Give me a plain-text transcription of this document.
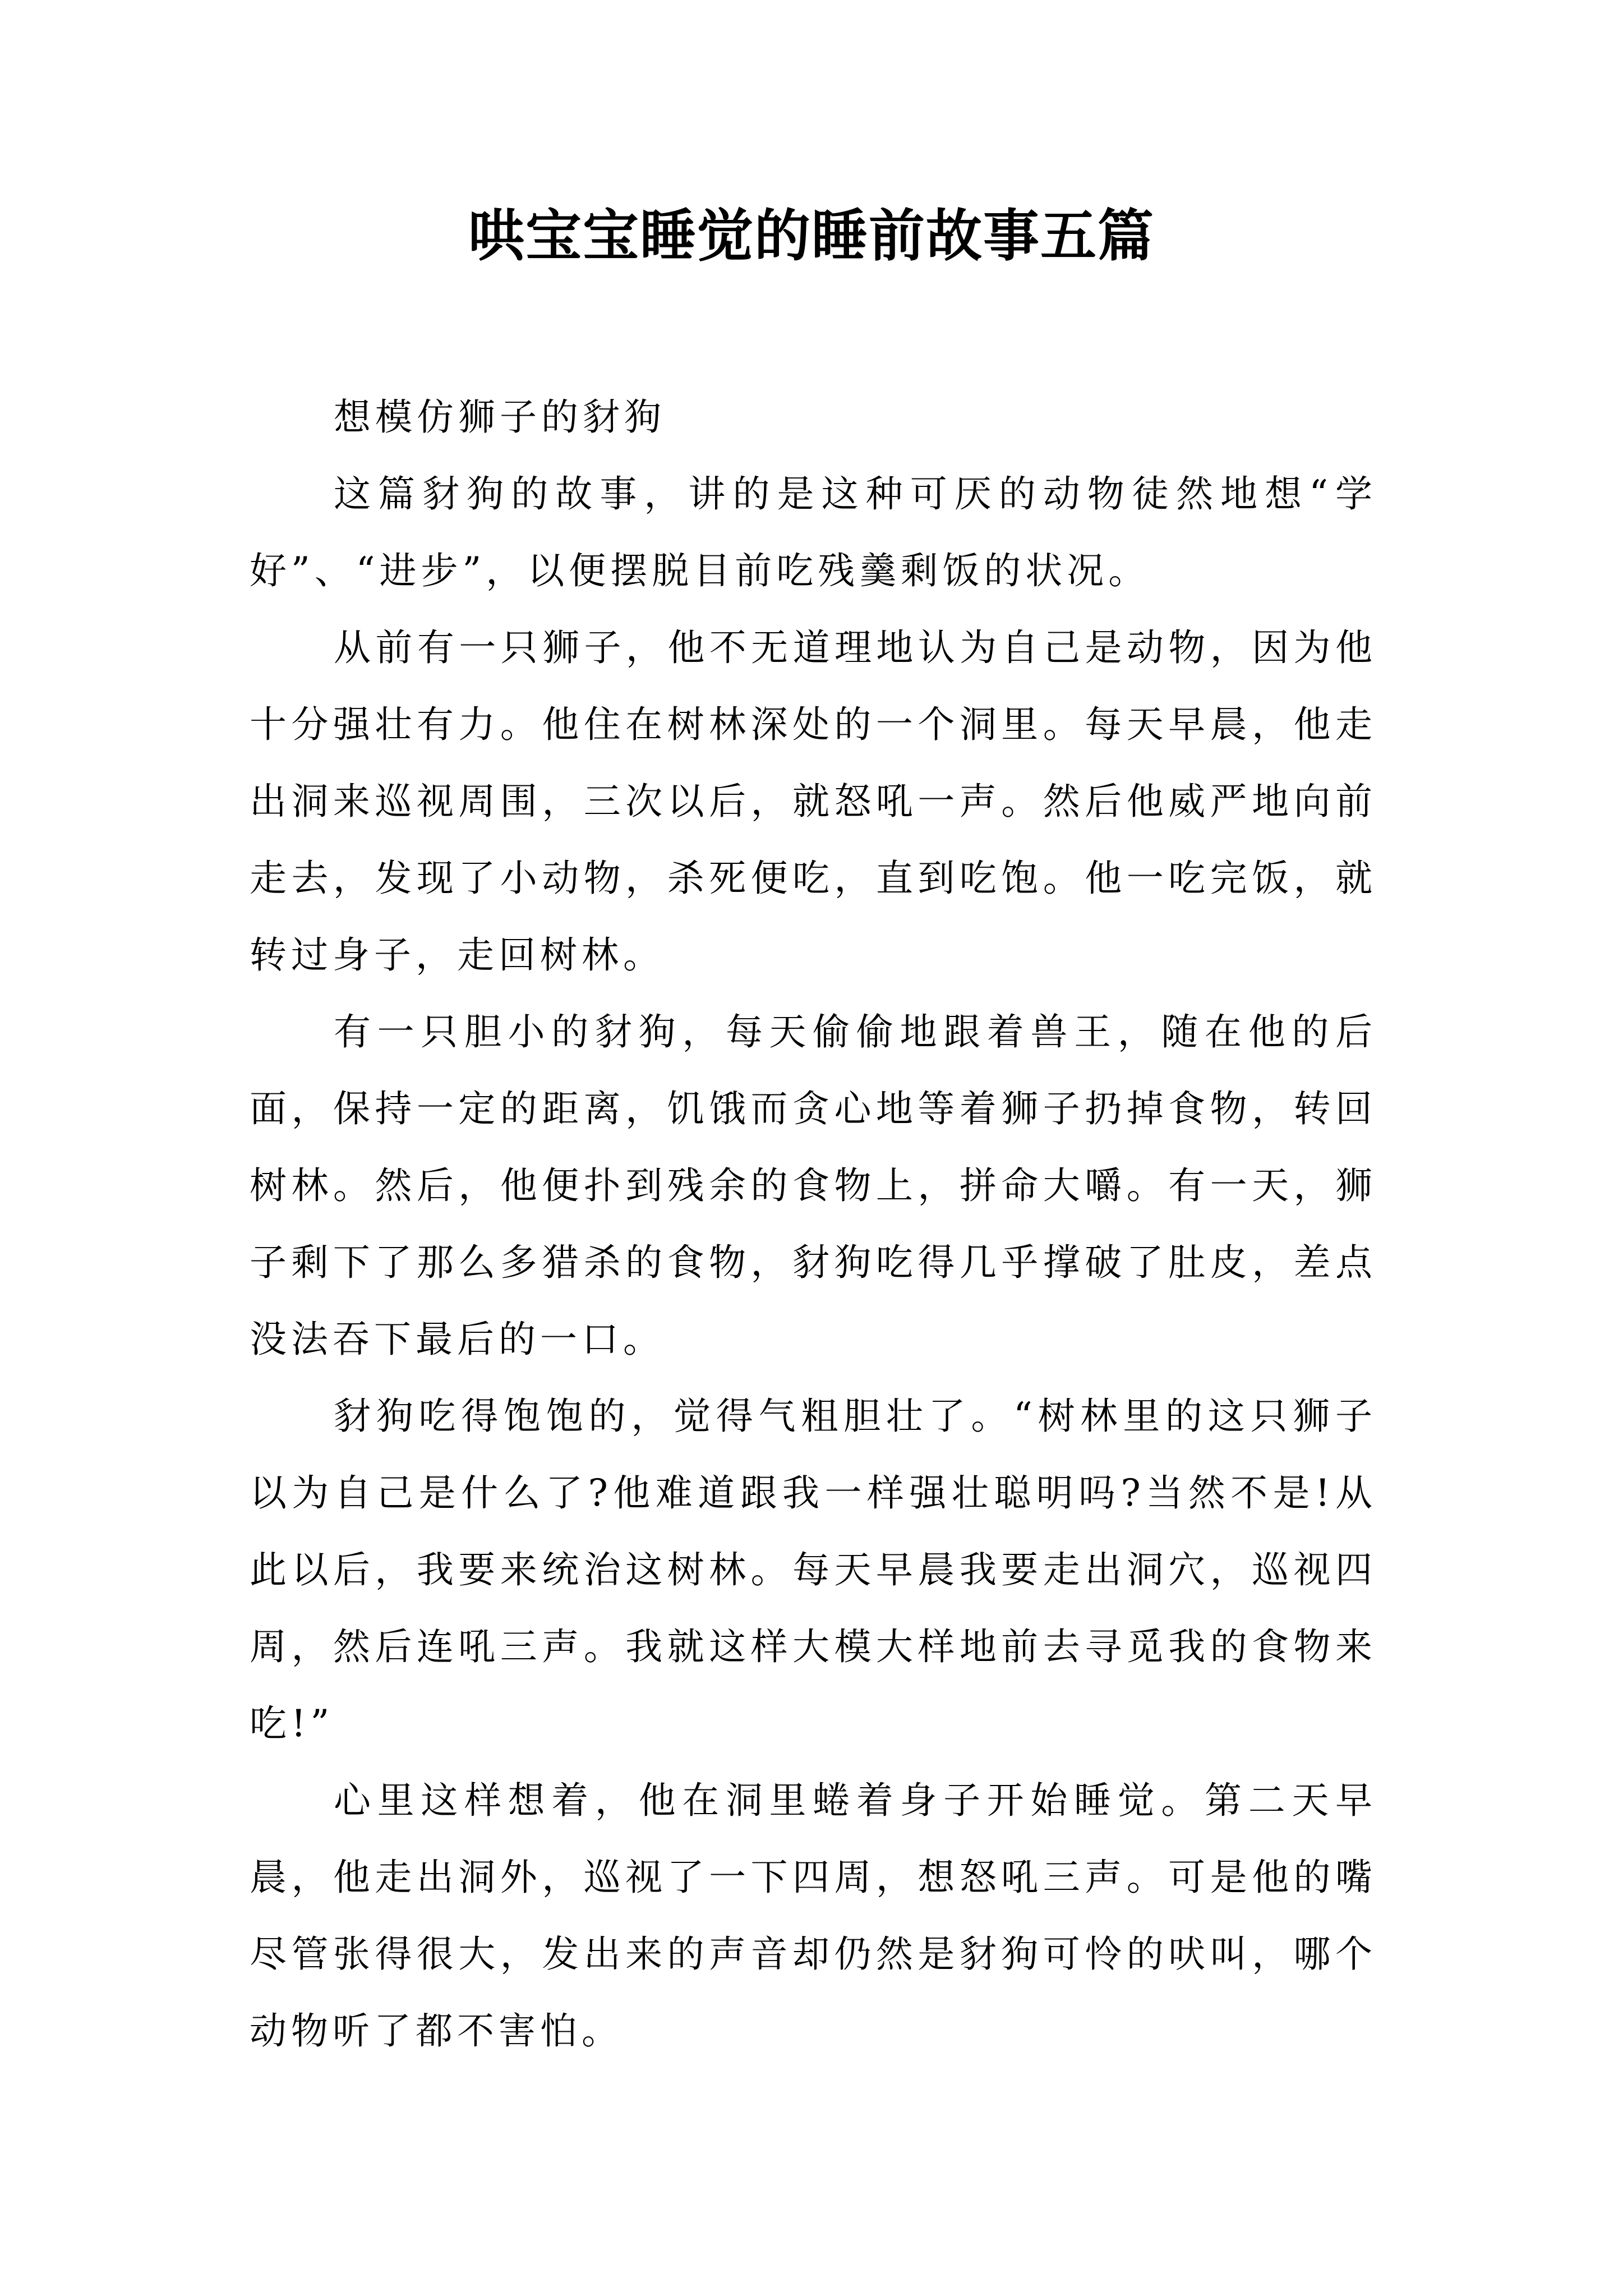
哄宝宝睡觉的睡前故事五篇

想模仿狮子的豺狗

这篇豺狗的故事，讲的是这种可厌的动物徒然地想“学好”、“进步”，以便摆脱目前吃残羹剩饭的状况。

从前有一只狮子，他不无道理地认为自己是动物，因为他十分强壮有力。他住在树林深处的一个洞里。每天早晨，他走出洞来巡视周围，三次以后，就怒吼一声。然后他威严地向前走去，发现了小动物，杀死便吃，直到吃饱。他一吃完饭，就转过身子，走回树林。

有一只胆小的豺狗，每天偷偷地跟着兽王，随在他的后面，保持一定的距离，饥饿而贪心地等着狮子扔掉食物，转回树林。然后，他便扑到残余的食物上，拼命大嚼。有一天，狮子剩下了那么多猎杀的食物，豺狗吃得几乎撑破了肚皮，差点没法吞下最后的一口。

豺狗吃得饱饱的，觉得气粗胆壮了。“树林里的这只狮子以为自己是什么了?他难道跟我一样强壮聪明吗?当然不是!从此以后，我要来统治这树林。每天早晨我要走出洞穴，巡视四周，然后连吼三声。我就这样大模大样地前去寻觅我的食物来吃!”

心里这样想着，他在洞里蜷着身子开始睡觉。第二天早晨，他走出洞外，巡视了一下四周，想怒吼三声。可是他的嘴尽管张得很大，发出来的声音却仍然是豺狗可怜的吠叫，哪个动物听了都不害怕。
